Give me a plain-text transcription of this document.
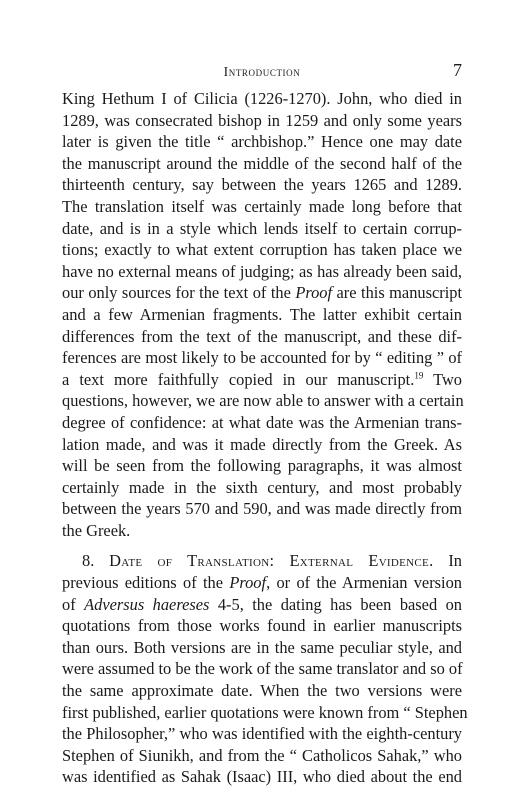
Introduction	7
King Hethum I of Cilicia (1226-1270). John, who died in
1289, was consecrated bishop in 1259 and only some years
later is given the title “ archbishop.” Hence one may date
the manuscript around the middle of the second half of the
thirteenth century, say between the years 1265 and 1289.
The translation itself was certainly made long before that
date, and is in a style which lends itself to certain corrup-
tions; exactly to what extent corruption has taken place we
have no external means of judging; as has already been said,
our only sources for the text of the Proof are this manuscript
and a few Armenian fragments. The latter exhibit certain
differences from the text of the manuscript, and these dif-
ferences are most likely to be accounted for by “ editing ” of
a text more faithfully copied in our manuscript.$^{19}$ Two
questions, however, we are now able to answer with a certain
degree of confidence: at what date was the Armenian trans-
lation made, and was it made directly from the Greek. As
will be seen from the following paragraphs, it was almost
certainly made in the sixth century, and most probably
between the years 570 and 590, and was made directly from
the Greek.
8. Date of Translation: External Evidence. In
previous editions of the Proof, or of the Armenian version
of Adversus haereses 4-5, the dating has been based on
quotations from those works found in earlier manuscripts
than ours. Both versions are in the same peculiar style, and
were assumed to be the work of the same translator and so of
the same approximate date. When the two versions were
first published, earlier quotations were known from “ Stephen
the Philosopher,” who was identified with the eighth-century
Stephen of Siunikh, and from the “ Catholicos Sahak,” who
was identified as Sahak (Isaac) III, who died about the end
